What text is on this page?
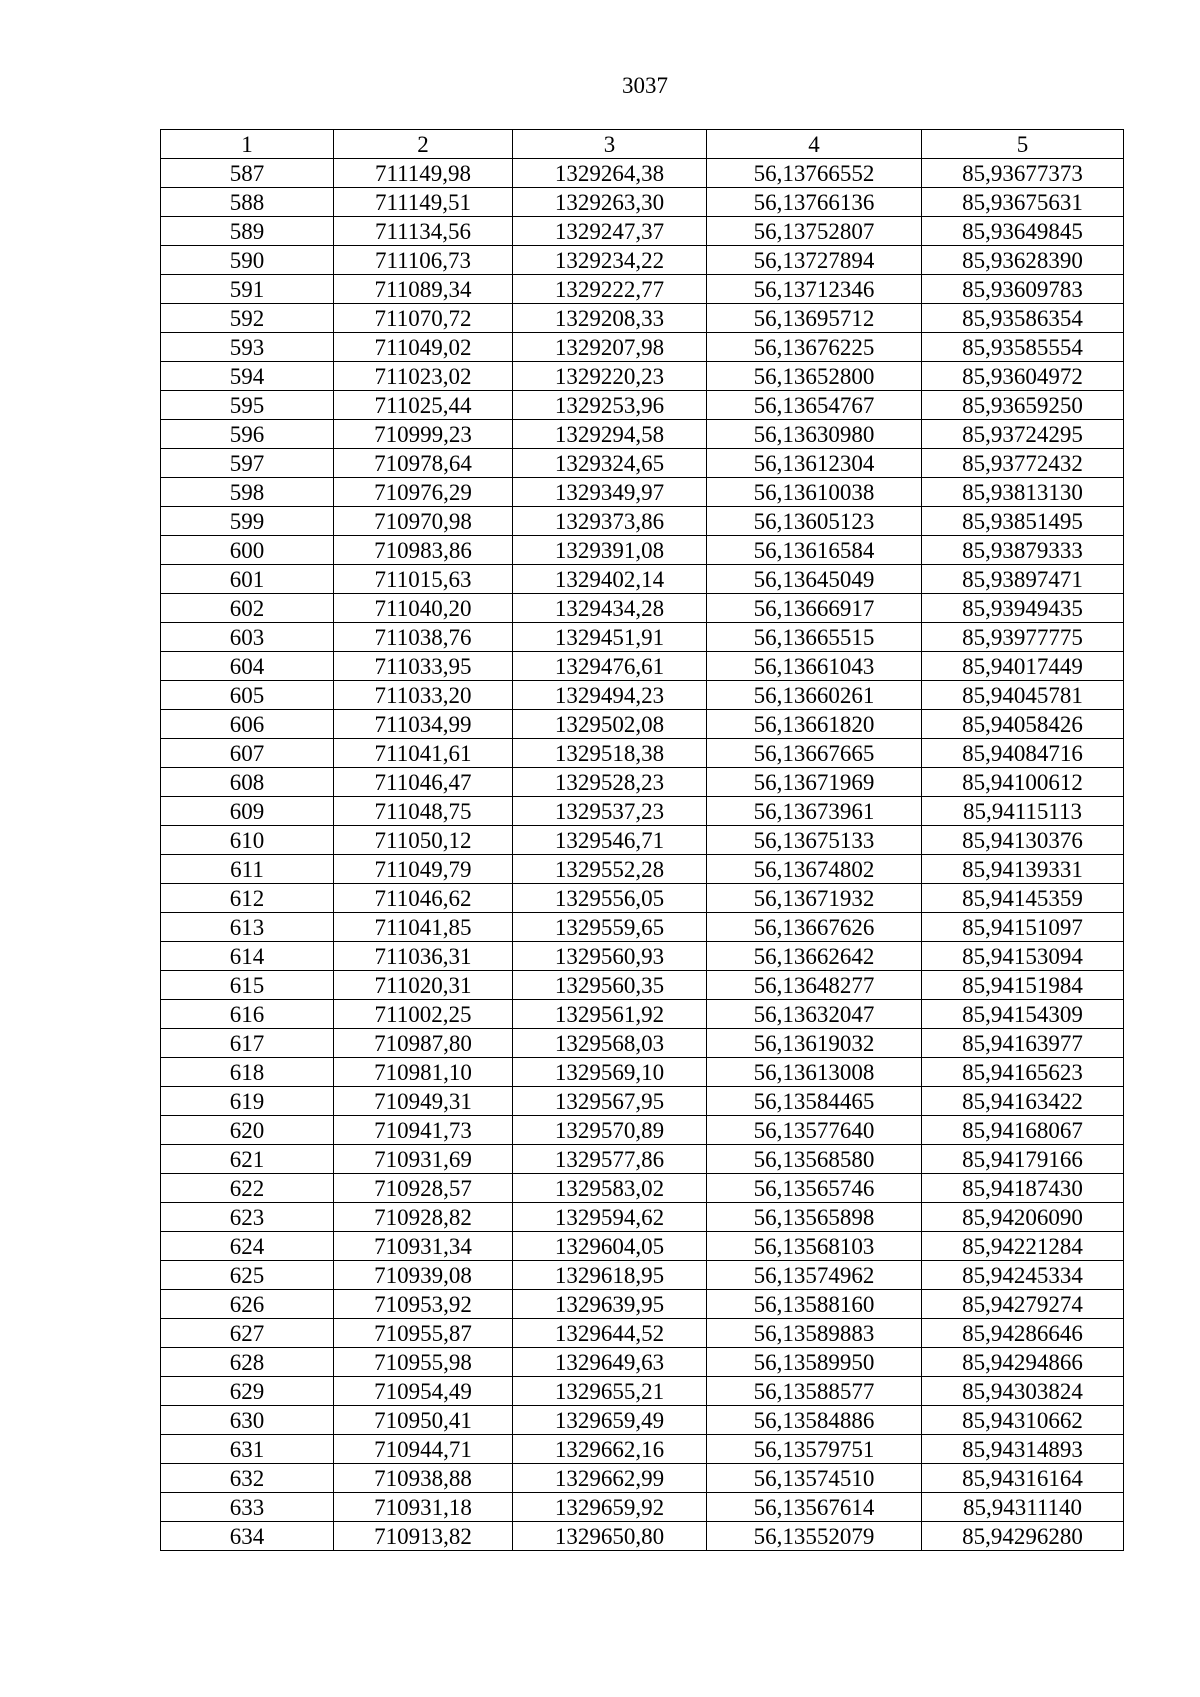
3037
1	2	3	4	5
587	711149,98	1329264,38	56,13766552	85,93677373
588	711149,51	1329263,30	56,13766136	85,93675631
589	711134,56	1329247,37	56,13752807	85,93649845
590	711106,73	1329234,22	56,13727894	85,93628390
591	711089,34	1329222,77	56,13712346	85,93609783
592	711070,72	1329208,33	56,13695712	85,93586354
593	711049,02	1329207,98	56,13676225	85,93585554
594	711023,02	1329220,23	56,13652800	85,93604972
595	711025,44	1329253,96	56,13654767	85,93659250
596	710999,23	1329294,58	56,13630980	85,93724295
597	710978,64	1329324,65	56,13612304	85,93772432
598	710976,29	1329349,97	56,13610038	85,93813130
599	710970,98	1329373,86	56,13605123	85,93851495
600	710983,86	1329391,08	56,13616584	85,93879333
601	711015,63	1329402,14	56,13645049	85,93897471
602	711040,20	1329434,28	56,13666917	85,93949435
603	711038,76	1329451,91	56,13665515	85,93977775
604	711033,95	1329476,61	56,13661043	85,94017449
605	711033,20	1329494,23	56,13660261	85,94045781
606	711034,99	1329502,08	56,13661820	85,94058426
607	711041,61	1329518,38	56,13667665	85,94084716
608	711046,47	1329528,23	56,13671969	85,94100612
609	711048,75	1329537,23	56,13673961	85,94115113
610	711050,12	1329546,71	56,13675133	85,94130376
611	711049,79	1329552,28	56,13674802	85,94139331
612	711046,62	1329556,05	56,13671932	85,94145359
613	711041,85	1329559,65	56,13667626	85,94151097
614	711036,31	1329560,93	56,13662642	85,94153094
615	711020,31	1329560,35	56,13648277	85,94151984
616	711002,25	1329561,92	56,13632047	85,94154309
617	710987,80	1329568,03	56,13619032	85,94163977
618	710981,10	1329569,10	56,13613008	85,94165623
619	710949,31	1329567,95	56,13584465	85,94163422
620	710941,73	1329570,89	56,13577640	85,94168067
621	710931,69	1329577,86	56,13568580	85,94179166
622	710928,57	1329583,02	56,13565746	85,94187430
623	710928,82	1329594,62	56,13565898	85,94206090
624	710931,34	1329604,05	56,13568103	85,94221284
625	710939,08	1329618,95	56,13574962	85,94245334
626	710953,92	1329639,95	56,13588160	85,94279274
627	710955,87	1329644,52	56,13589883	85,94286646
628	710955,98	1329649,63	56,13589950	85,94294866
629	710954,49	1329655,21	56,13588577	85,94303824
630	710950,41	1329659,49	56,13584886	85,94310662
631	710944,71	1329662,16	56,13579751	85,94314893
632	710938,88	1329662,99	56,13574510	85,94316164
633	710931,18	1329659,92	56,13567614	85,94311140
634	710913,82	1329650,80	56,13552079	85,94296280
